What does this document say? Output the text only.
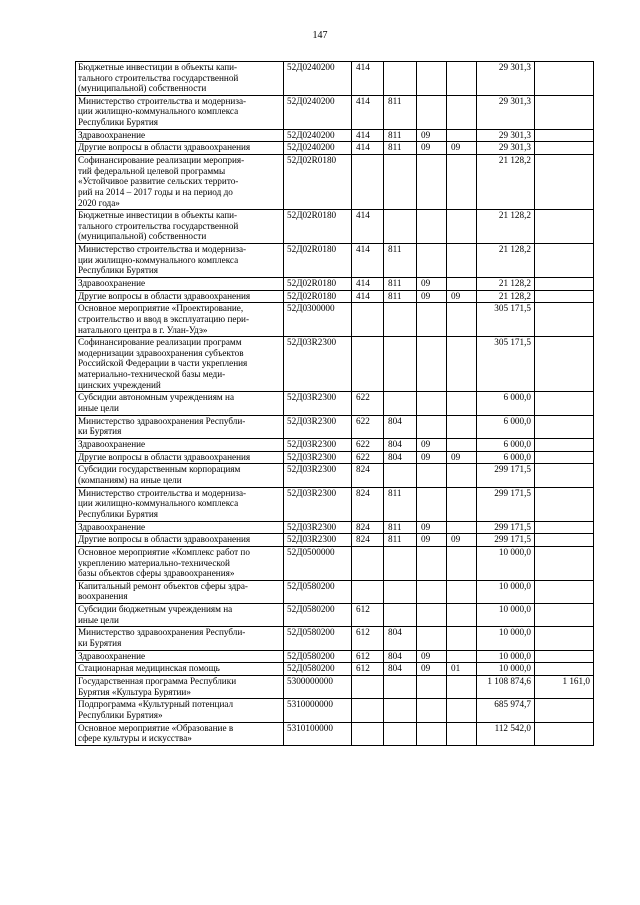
147
Бюджетные инвестиции в объекты капи-
тального строительства государственной
(муниципальной) собственности	52Д0240200	414				29 301,3	
Министерство строительства и модерниза-
ции жилищно-коммунального комплекса
Республики Бурятия	52Д0240200	414	811			29 301,3	
Здравоохранение	52Д0240200	414	811	09		29 301,3	
Другие вопросы в области здравоохранения	52Д0240200	414	811	09	09	29 301,3	
Софинансирование реализации мероприя-
тий федеральной целевой программы
«Устойчивое развитие сельских террито-
рий на 2014 – 2017 годы и на период до
2020 года»	52Д02R0180					21 128,2	
Бюджетные инвестиции в объекты капи-
тального строительства государственной
(муниципальной) собственности	52Д02R0180	414				21 128,2	
Министерство строительства и модерниза-
ции жилищно-коммунального комплекса
Республики Бурятия	52Д02R0180	414	811			21 128,2	
Здравоохранение	52Д02R0180	414	811	09		21 128,2	
Другие вопросы в области здравоохранения	52Д02R0180	414	811	09	09	21 128,2	
Основное мероприятие «Проектирование,
строительство и ввод в эксплуатацию пери-
натального центра в г. Улан-Удэ»	52Д0300000					305 171,5	
Софинансирование реализации программ
модернизации здравоохранения субъектов
Российской Федерации в части укрепления
материально-технической базы меди-
цинских учреждений	52Д03R2300					305 171,5	
Субсидии автономным учреждениям на
иные цели	52Д03R2300	622				6 000,0	
Министерство здравоохранения Республи-
ки Бурятия	52Д03R2300	622	804			6 000,0	
Здравоохранение	52Д03R2300	622	804	09		6 000,0	
Другие вопросы в области здравоохранения	52Д03R2300	622	804	09	09	6 000,0	
Субсидии государственным корпорациям
(компаниям) на иные цели	52Д03R2300	824				299 171,5	
Министерство строительства и модерниза-
ции жилищно-коммунального комплекса
Республики Бурятия	52Д03R2300	824	811			299 171,5	
Здравоохранение	52Д03R2300	824	811	09		299 171,5	
Другие вопросы в области здравоохранения	52Д03R2300	824	811	09	09	299 171,5	
Основное мероприятие «Комплекс работ по
укреплению материально-технической
базы объектов сферы здравоохранения»	52Д0500000					10 000,0	
Капитальный ремонт объектов сферы здра-
воохранения	52Д0580200					10 000,0	
Субсидии бюджетным учреждениям на
иные цели	52Д0580200	612				10 000,0	
Министерство здравоохранения Республи-
ки Бурятия	52Д0580200	612	804			10 000,0	
Здравоохранение	52Д0580200	612	804	09		10 000,0	
Стационарная медицинская помощь	52Д0580200	612	804	09	01	10 000,0	
Государственная программа Республики
Бурятия «Культура Бурятии»	5300000000					1 108 874,6	1 161,0
Подпрограмма «Культурный потенциал
Республики Бурятия»	5310000000					685 974,7	
Основное мероприятие «Образование в
сфере культуры и искусства»	5310100000					112 542,0	
